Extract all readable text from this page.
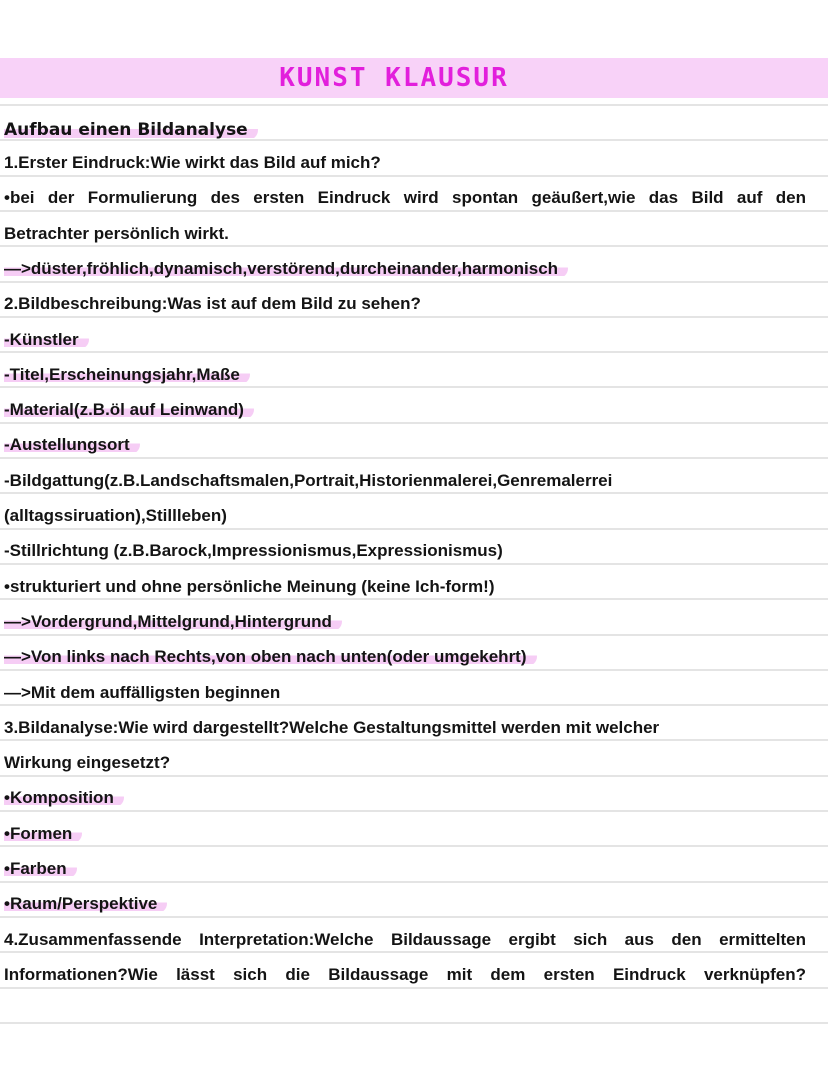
KUNST KLAUSUR
Aufbau einen Bildanalyse
1.Erster Eindruck:Wie wirkt das Bild auf mich?
•bei der Formulierung des ersten Eindruck wird spontan geäußert,wie das Bild auf den
Betrachter persönlich wirkt.
—>düster,fröhlich,dynamisch,verstörend,durcheinander,harmonisch
2.Bildbeschreibung:Was ist auf dem Bild zu sehen?
-Künstler
-Titel,Erscheinungsjahr,Maße
-Material(z.B.öl auf Leinwand)
-Austellungsort
-Bildgattung(z.B.Landschaftsmalen,Portrait,Historienmalerei,Genremalerrei
(alltagssiruation),Stillleben)
-Stillrichtung (z.B.Barock,Impressionismus,Expressionismus)
•strukturiert und ohne persönliche Meinung (keine Ich-form!)
—>Vordergrund,Mittelgrund,Hintergrund
—>Von links nach Rechts,von oben nach unten(oder umgekehrt)
—>Mit dem auffälligsten beginnen
3.Bildanalyse:Wie wird dargestellt?Welche Gestaltungsmittel werden mit welcher
Wirkung eingesetzt?
•Komposition
•Formen
•Farben
•Raum/Perspektive
4.Zusammenfassende Interpretation:Welche Bildaussage ergibt sich aus den ermittelten
Informationen?Wie lässt sich die Bildaussage mit dem ersten Eindruck verknüpfen?
